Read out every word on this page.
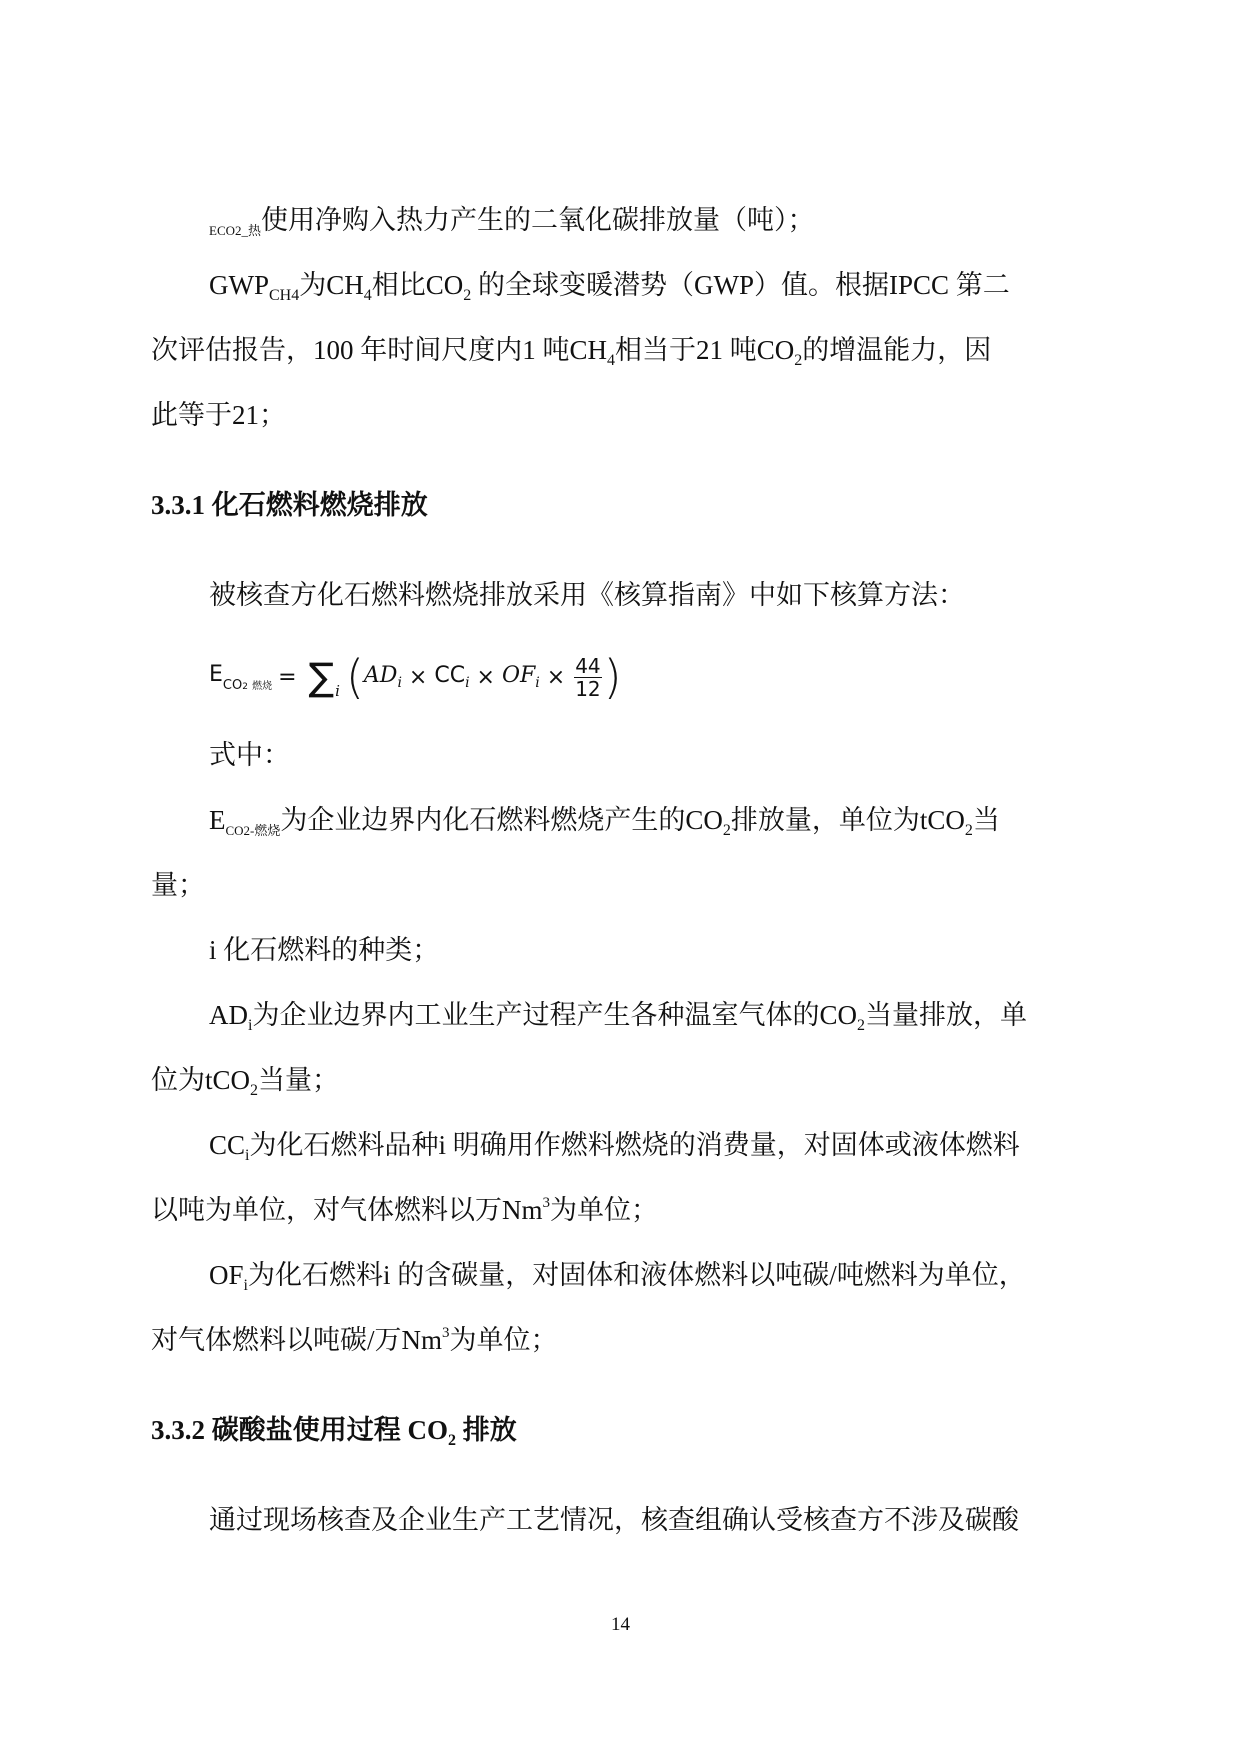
$_{ECO2\_热}$使用净购入热力产生的二氧化碳排放量（吨）；
$GWP_{CH4}$为$CH_4$相比$CO_2$ 的全球变暖潜势（GWP）值。根据IPCC 第二
次评估报告，100 年时间尺度内1 吨$CH_4$相当于21 吨$CO_2$的增温能力，因
此等于21；
3.3.1 化石燃料燃烧排放
被核查方化石燃料燃烧排放采用《核算指南》中如下核算方法：
$E_{CO2 燃烧}$ = ∑ i ( $AD_i \times CC_i \times OF_i \times \frac{44}{12}$ )
式中：
$E_{CO2-燃烧}$为企业边界内化石燃料燃烧产生的$CO_2$排放量，单位为tCO$_2$当
量；
i 化石燃料的种类；
$AD_i$为企业边界内工业生产过程产生各种温室气体的$CO_2$当量排放，单
位为tCO$_2$当量；
$CC_i$为化石燃料品种i 明确用作燃料燃烧的消费量，对固体或液体燃料
以吨为单位，对气体燃料以万Nm$^3$为单位；
$OF_i$为化石燃料i 的含碳量，对固体和液体燃料以吨碳/吨燃料为单位，
对气体燃料以吨碳/万Nm$^3$为单位；
3.3.2 碳酸盐使用过程 $CO_2$ 排放
通过现场核查及企业生产工艺情况，核查组确认受核查方不涉及碳酸
14
